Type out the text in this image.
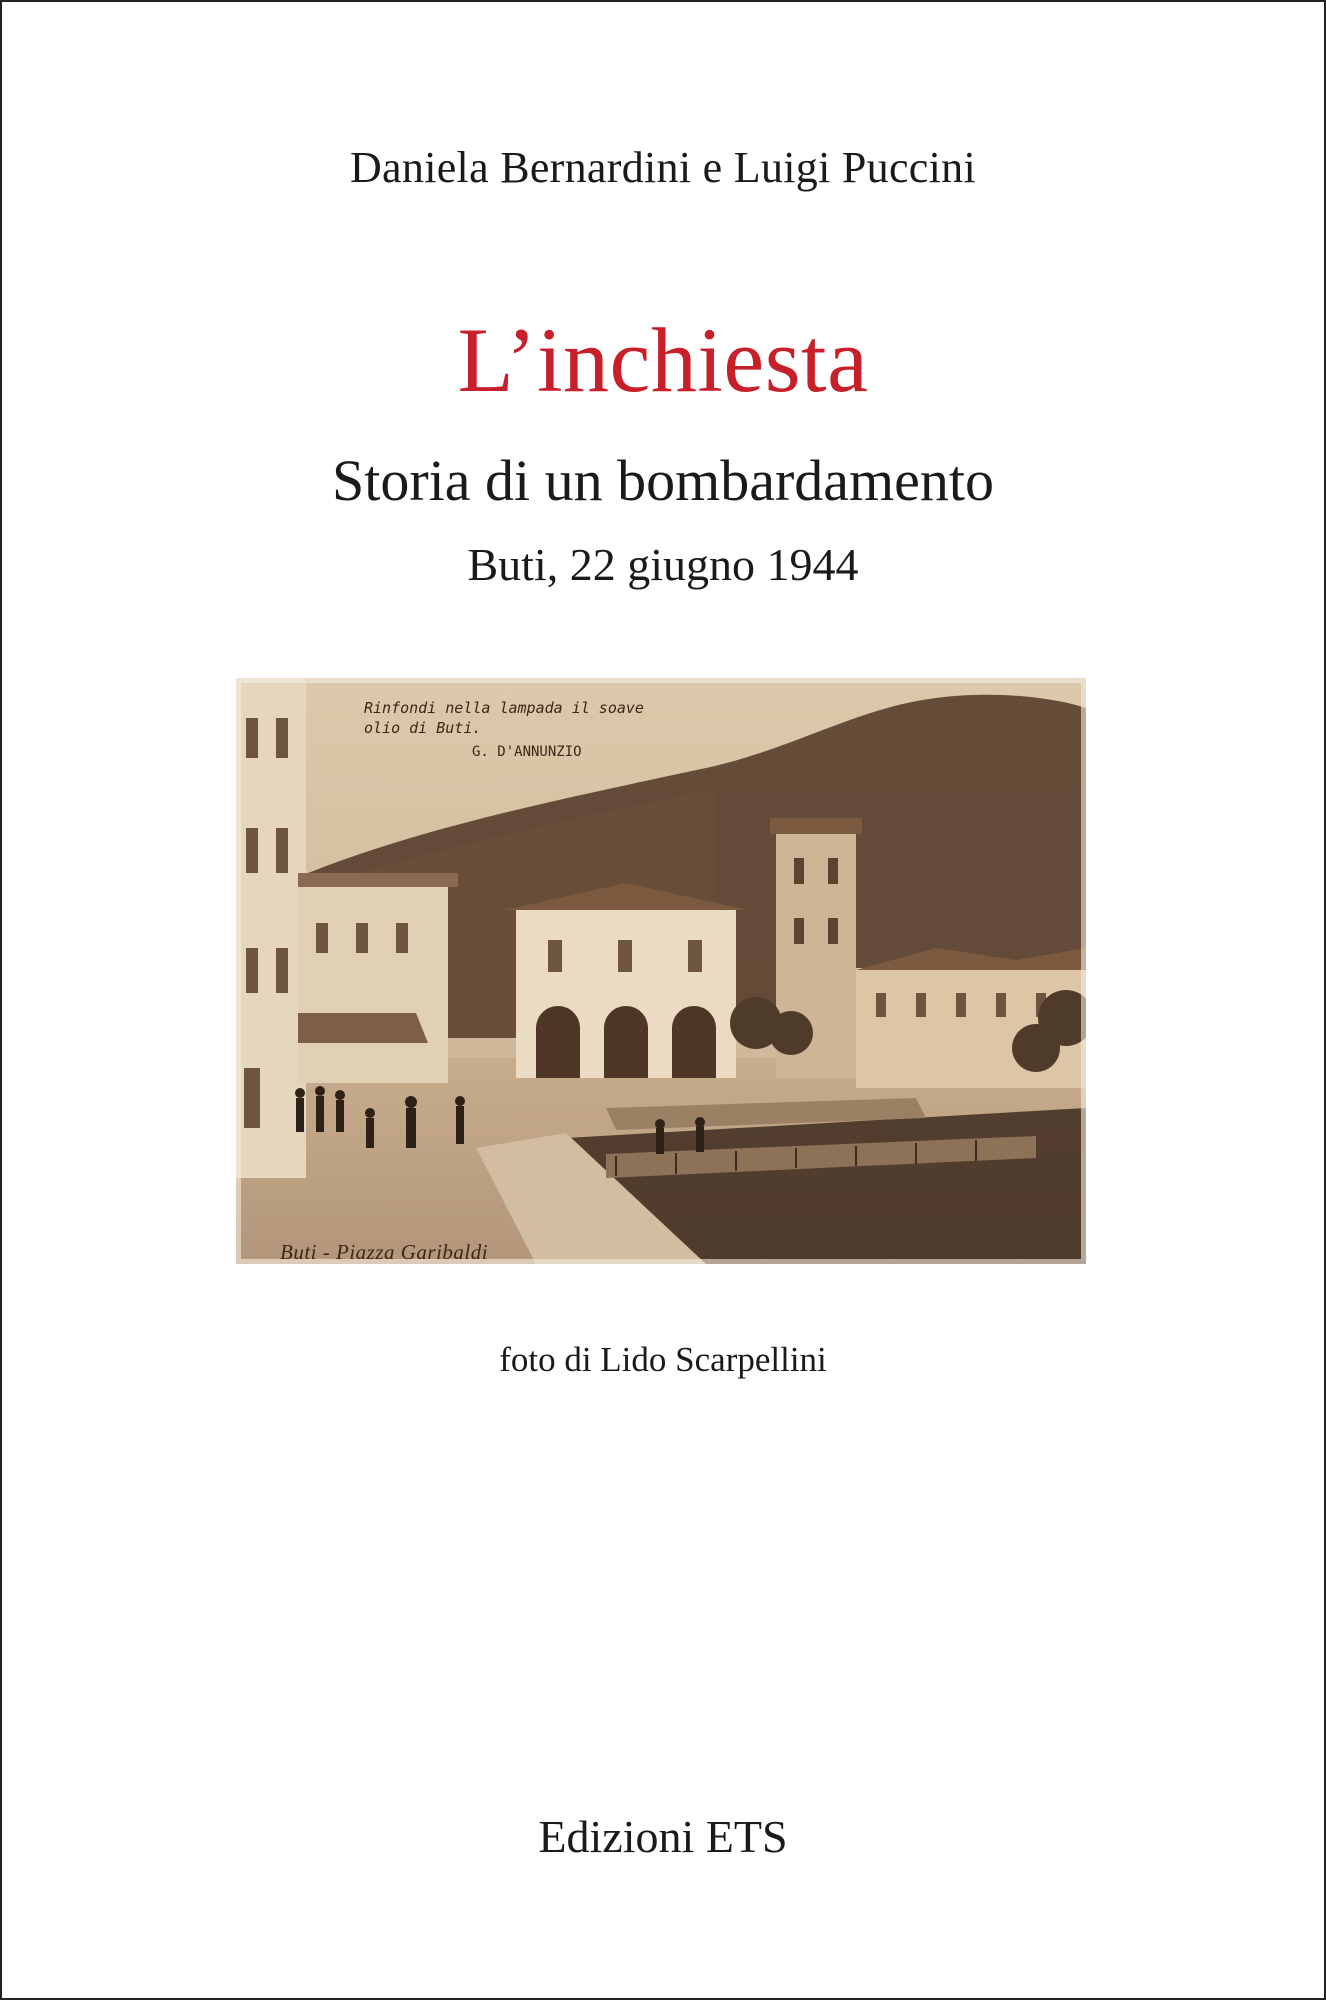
Daniela Bernardini e Luigi Puccini
L’inchiesta
Storia di un bombardamento
Buti, 22 giugno 1944
Rinfondi nella lampada il soave
olio di Buti.
G. D'ANNUNZIO
Buti - Piazza Garibaldi
foto di Lido Scarpellini
Edizioni ETS
